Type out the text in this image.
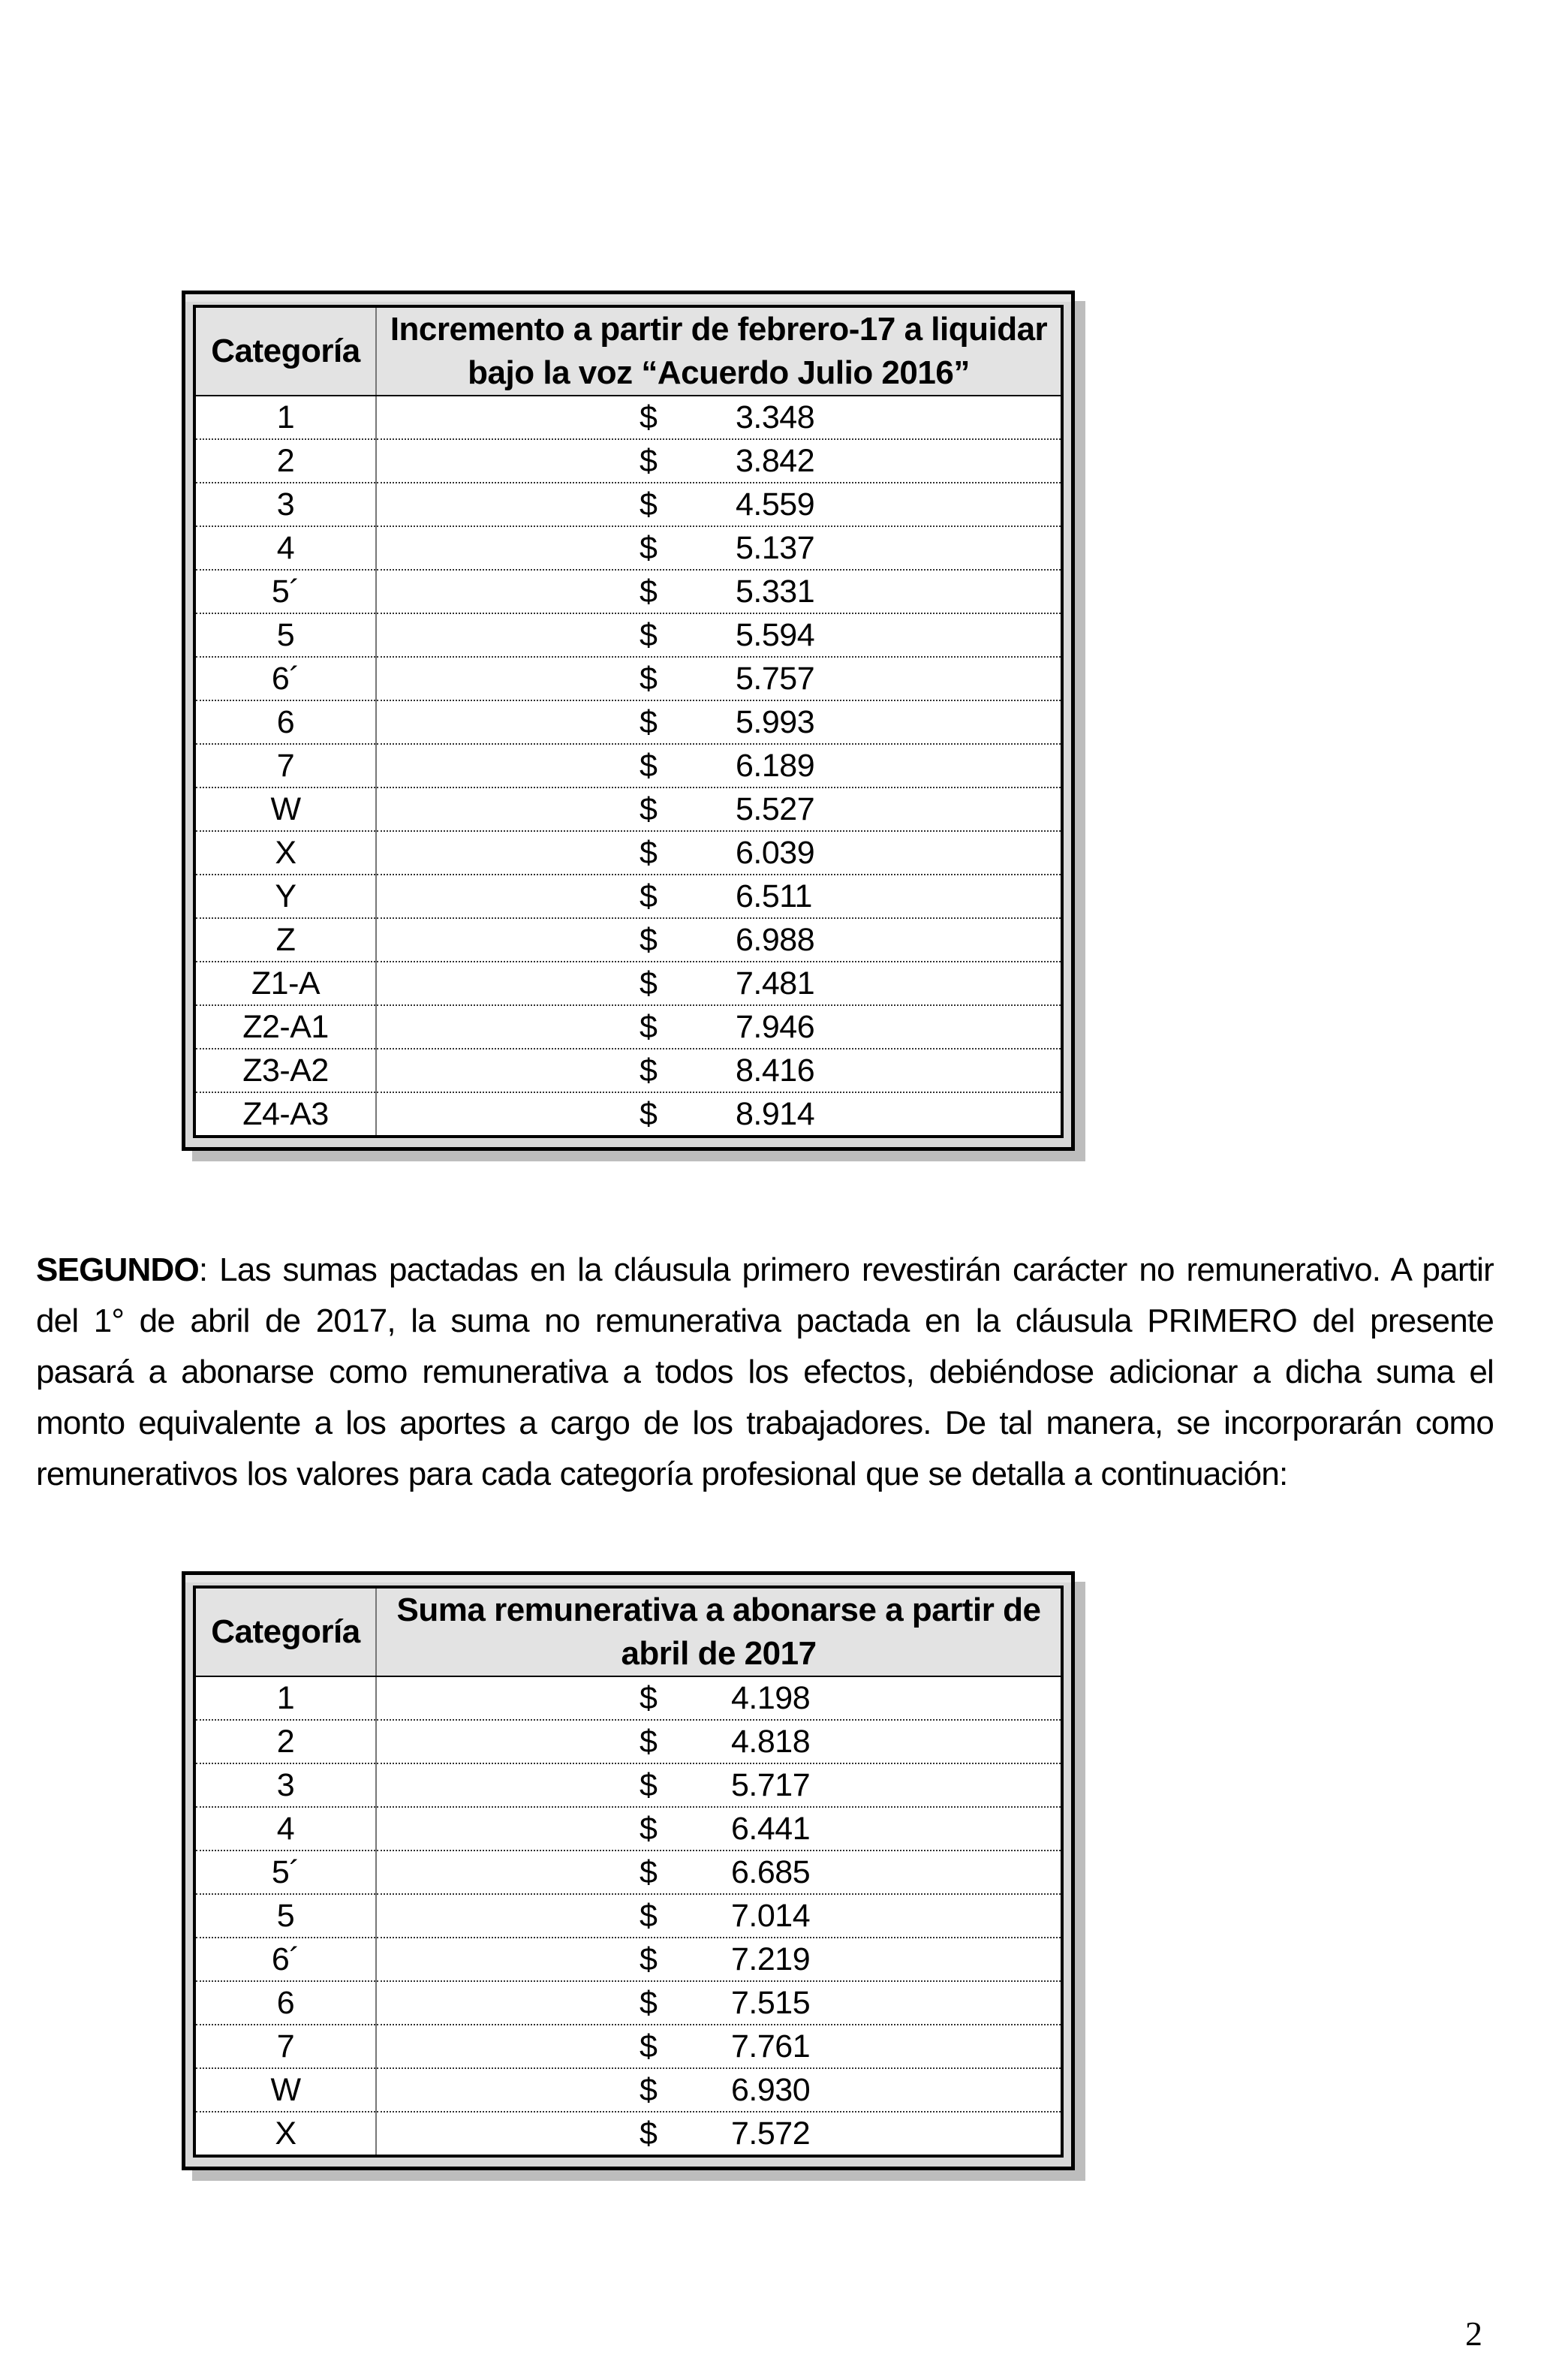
Categoría	Incremento a partir de febrero-17 a liquidar bajo la voz “Acuerdo Julio 2016”
1	$ 3.348

2	$ 3.842

3	$ 4.559

4	$ 5.137

5´	$ 5.331

5	$ 5.594

6´	$ 5.757

6	$ 5.993

7	$ 6.189

W	$ 5.527

X	$ 6.039

Y	$ 6.511

Z	$ 6.988

Z1-A	$ 7.481

Z2-A1	$ 7.946

Z3-A2	$ 8.416

Z4-A3	$ 8.914

SEGUNDO: Las sumas pactadas en la cláusula primero revestirán carácter no remunerativo. A partir del 1° de abril de 2017, la suma no remunerativa pactada en la cláusula PRIMERO del presente pasará a abonarse como remunerativa a todos los efectos, debiéndose adicionar a dicha suma el monto equivalente a los aportes a cargo de los trabajadores. De tal manera, se incorporarán como remunerativos los valores para cada categoría profesional que se detalla a continuación:

Categoría	Suma remunerativa a abonarse a partir de abril de 2017
1	$ 4.198

2	$ 4.818

3	$ 5.717

4	$ 6.441

5´	$ 6.685

5	$ 7.014

6´	$ 7.219

6	$ 7.515

7	$ 7.761

W	$ 6.930

X	$ 7.572
2
